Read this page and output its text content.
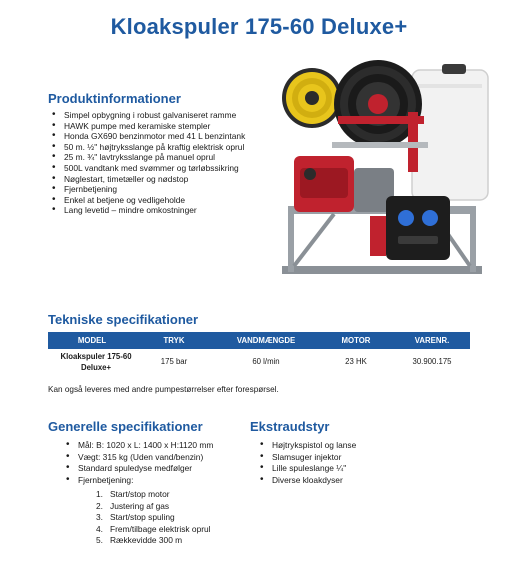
Kloakspuler 175-60 Deluxe+
Produktinformationer
• Simpel opbygning i robust galvaniseret ramme
• HAWK pumpe med keramiske stempler
• Honda GX690 benzinmotor med 41 L benzintank
• 50 m. ½" højtryksslange på kraftig elektrisk oprul
• 25 m. ¾" lavtryksslange på manuel oprul
• 500L vandtank med svømmer og tørløbssikring
• Nøglestart, timetæller og nødstop
• Fjernbetjening
• Enkel at betjene og vedligeholde
• Lang levetid – mindre omkostninger
Tekniske specifikationer
MODEL	TRYK	VANDMÆNGDE	MOTOR	VARENR.
Kloakspuler 175-60
Deluxe+
175 bar	60 l/min	23 HK	30.900.175
Kan også leveres med andre pumpestørrelser efter forespørsel.
Generelle specifikationer
• Mål: B: 1020 x L: 1400 x H:1120 mm
• Vægt: 315 kg (Uden vand/benzin)
• Standard spuledyse medfølger
• Fjernbetjening:
1. Start/stop motor
2. Justering af gas
3. Start/stop spuling
4. Frem/tilbage elektrisk oprul
5. Rækkevidde 300 m
Ekstraudstyr
• Højtrykspistol og lanse
• Slamsuger injektor
• Lille spuleslange ¼"
• Diverse kloakdyser
